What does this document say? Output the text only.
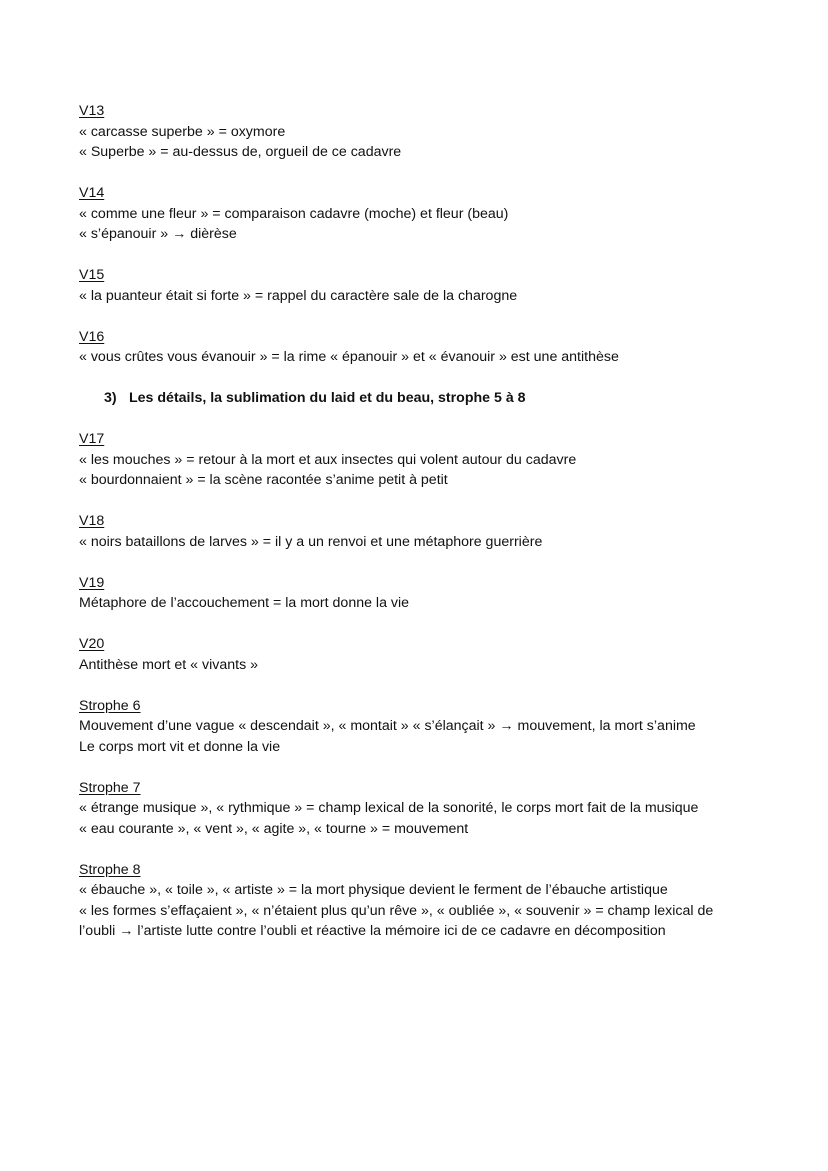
V13
« carcasse superbe » = oxymore
« Superbe » = au-dessus de, orgueil de ce cadavre
V14
« comme une fleur » = comparaison cadavre (moche) et fleur (beau)
« s’épanouir » → dièrèse
V15
« la puanteur était si forte » = rappel du caractère sale de la charogne
V16
« vous crûtes vous évanouir » = la rime « épanouir » et « évanouir » est une antithèse
3) Les détails, la sublimation du laid et du beau, strophe 5 à 8
V17
« les mouches » = retour à la mort et aux insectes qui volent autour du cadavre
« bourdonnaient » = la scène racontée s’anime petit à petit
V18
« noirs bataillons de larves » = il y a un renvoi et une métaphore guerrière
V19
Métaphore de l’accouchement = la mort donne la vie
V20
Antithèse mort et « vivants »
Strophe 6
Mouvement d’une vague « descendait », « montait » « s’élançait » → mouvement, la mort s’anime
Le corps mort vit et donne la vie
Strophe 7
« étrange musique », « rythmique » = champ lexical de la sonorité, le corps mort fait de la musique
« eau courante », « vent », « agite », « tourne » = mouvement
Strophe 8
« ébauche », « toile », « artiste » = la mort physique devient le ferment de l’ébauche artistique
« les formes s’effaçaient », « n’étaient plus qu’un rêve », « oubliée », « souvenir » = champ lexical de
l’oubli → l’artiste lutte contre l’oubli et réactive la mémoire ici de ce cadavre en décomposition
